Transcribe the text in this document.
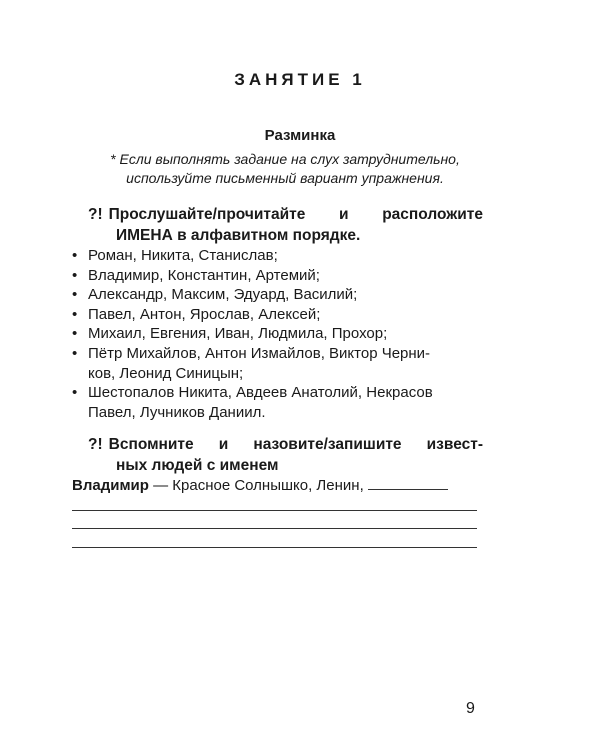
ЗАНЯТИЕ 1
Разминка
* Если выполнять задание на слух затруднительно,
используйте письменный вариант упражнения.
?! Прослушайте/прочитайте и расположите
ИМЕНА в алфавитном порядке.
• Роман, Никита, Станислав;
• Владимир, Константин, Артемий;
• Александр, Максим, Эдуард, Василий;
• Павел, Антон, Ярослав, Алексей;
• Михаил, Евгения, Иван, Людмила, Прохор;
• Пётр Михайлов, Антон Измайлов, Виктор Черни-
ков, Леонид Синицын;
• Шестопалов Никита, Авдеев Анатолий, Некрасов
Павел, Лучников Даниил.
?! Вспомните и назовите/запишите извест-
ных людей с именем
Владимир — Красное Солнышко, Ленин,
9
